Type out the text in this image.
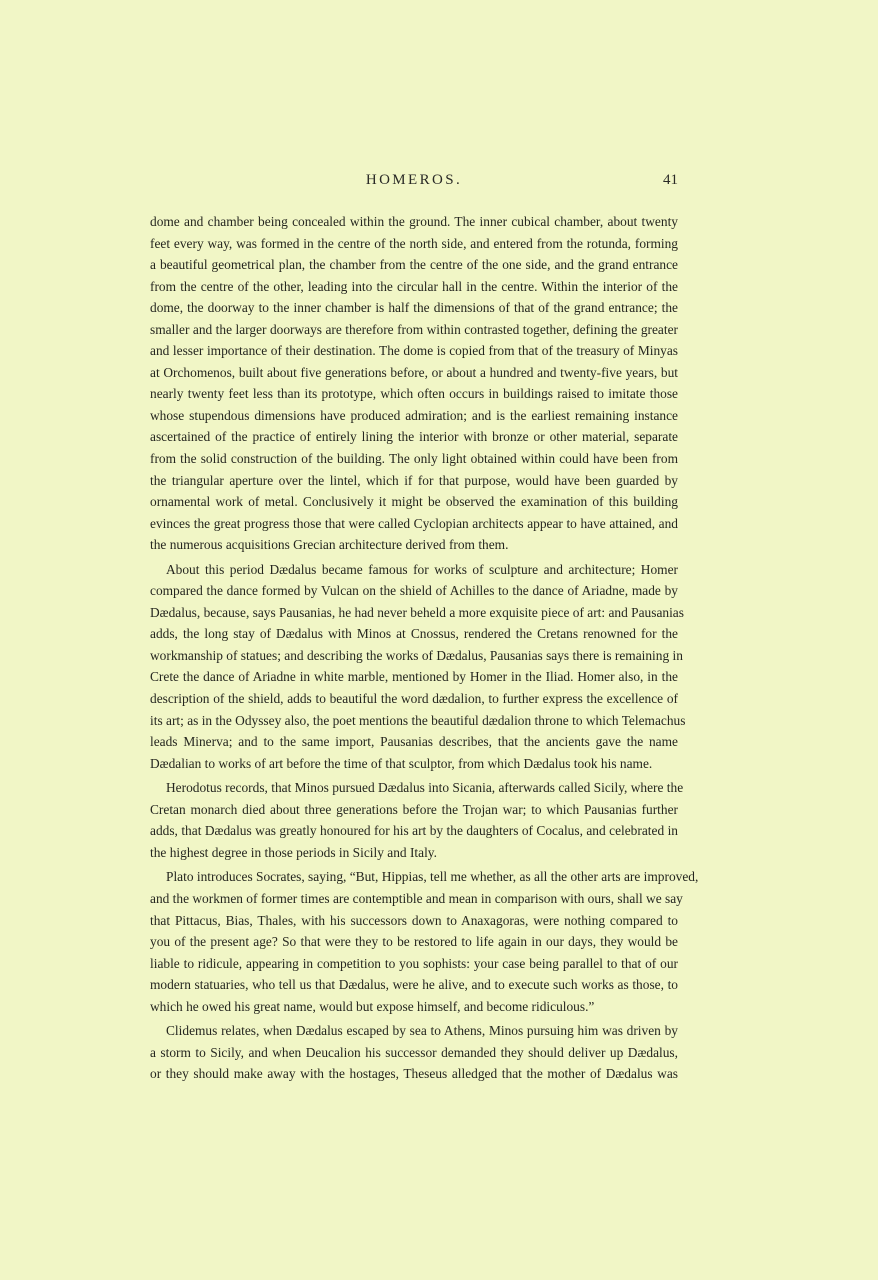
HOMEROS.	41
dome and chamber being concealed within the ground. The inner cubical chamber, about twenty
feet every way, was formed in the centre of the north side, and entered from the rotunda, forming
a beautiful geometrical plan, the chamber from the centre of the one side, and the grand entrance
from the centre of the other, leading into the circular hall in the centre. Within the interior of the
dome, the doorway to the inner chamber is half the dimensions of that of the grand entrance; the
smaller and the larger doorways are therefore from within contrasted together, defining the greater
and lesser importance of their destination. The dome is copied from that of the treasury of Minyas
at Orchomenos, built about five generations before, or about a hundred and twenty-five years, but
nearly twenty feet less than its prototype, which often occurs in buildings raised to imitate those
whose stupendous dimensions have produced admiration; and is the earliest remaining instance
ascertained of the practice of entirely lining the interior with bronze or other material, separate
from the solid construction of the building. The only light obtained within could have been from
the triangular aperture over the lintel, which if for that purpose, would have been guarded by
ornamental work of metal. Conclusively it might be observed the examination of this building
evinces the great progress those that were called Cyclopian architects appear to have attained, and
the numerous acquisitions Grecian architecture derived from them.
About this period Dædalus became famous for works of sculpture and architecture; Homer
compared the dance formed by Vulcan on the shield of Achilles to the dance of Ariadne, made by
Dædalus, because, says Pausanias, he had never beheld a more exquisite piece of art: and Pausanias
adds, the long stay of Dædalus with Minos at Cnossus, rendered the Cretans renowned for the
workmanship of statues; and describing the works of Dædalus, Pausanias says there is remaining in
Crete the dance of Ariadne in white marble, mentioned by Homer in the Iliad. Homer also, in the
description of the shield, adds to beautiful the word dædalion, to further express the excellence of
its art; as in the Odyssey also, the poet mentions the beautiful dædalion throne to which Telemachus
leads Minerva; and to the same import, Pausanias describes, that the ancients gave the name
Dædalian to works of art before the time of that sculptor, from which Dædalus took his name.
Herodotus records, that Minos pursued Dædalus into Sicania, afterwards called Sicily, where the
Cretan monarch died about three generations before the Trojan war; to which Pausanias further
adds, that Dædalus was greatly honoured for his art by the daughters of Cocalus, and celebrated in
the highest degree in those periods in Sicily and Italy.
Plato introduces Socrates, saying, “But, Hippias, tell me whether, as all the other arts are improved,
and the workmen of former times are contemptible and mean in comparison with ours, shall we say
that Pittacus, Bias, Thales, with his successors down to Anaxagoras, were nothing compared to
you of the present age? So that were they to be restored to life again in our days, they would be
liable to ridicule, appearing in competition to you sophists: your case being parallel to that of our
modern statuaries, who tell us that Dædalus, were he alive, and to execute such works as those, to
which he owed his great name, would but expose himself, and become ridiculous.”
Clidemus relates, when Dædalus escaped by sea to Athens, Minos pursuing him was driven by
a storm to Sicily, and when Deucalion his successor demanded they should deliver up Dædalus,
or they should make away with the hostages, Theseus alledged that the mother of Dædalus was
